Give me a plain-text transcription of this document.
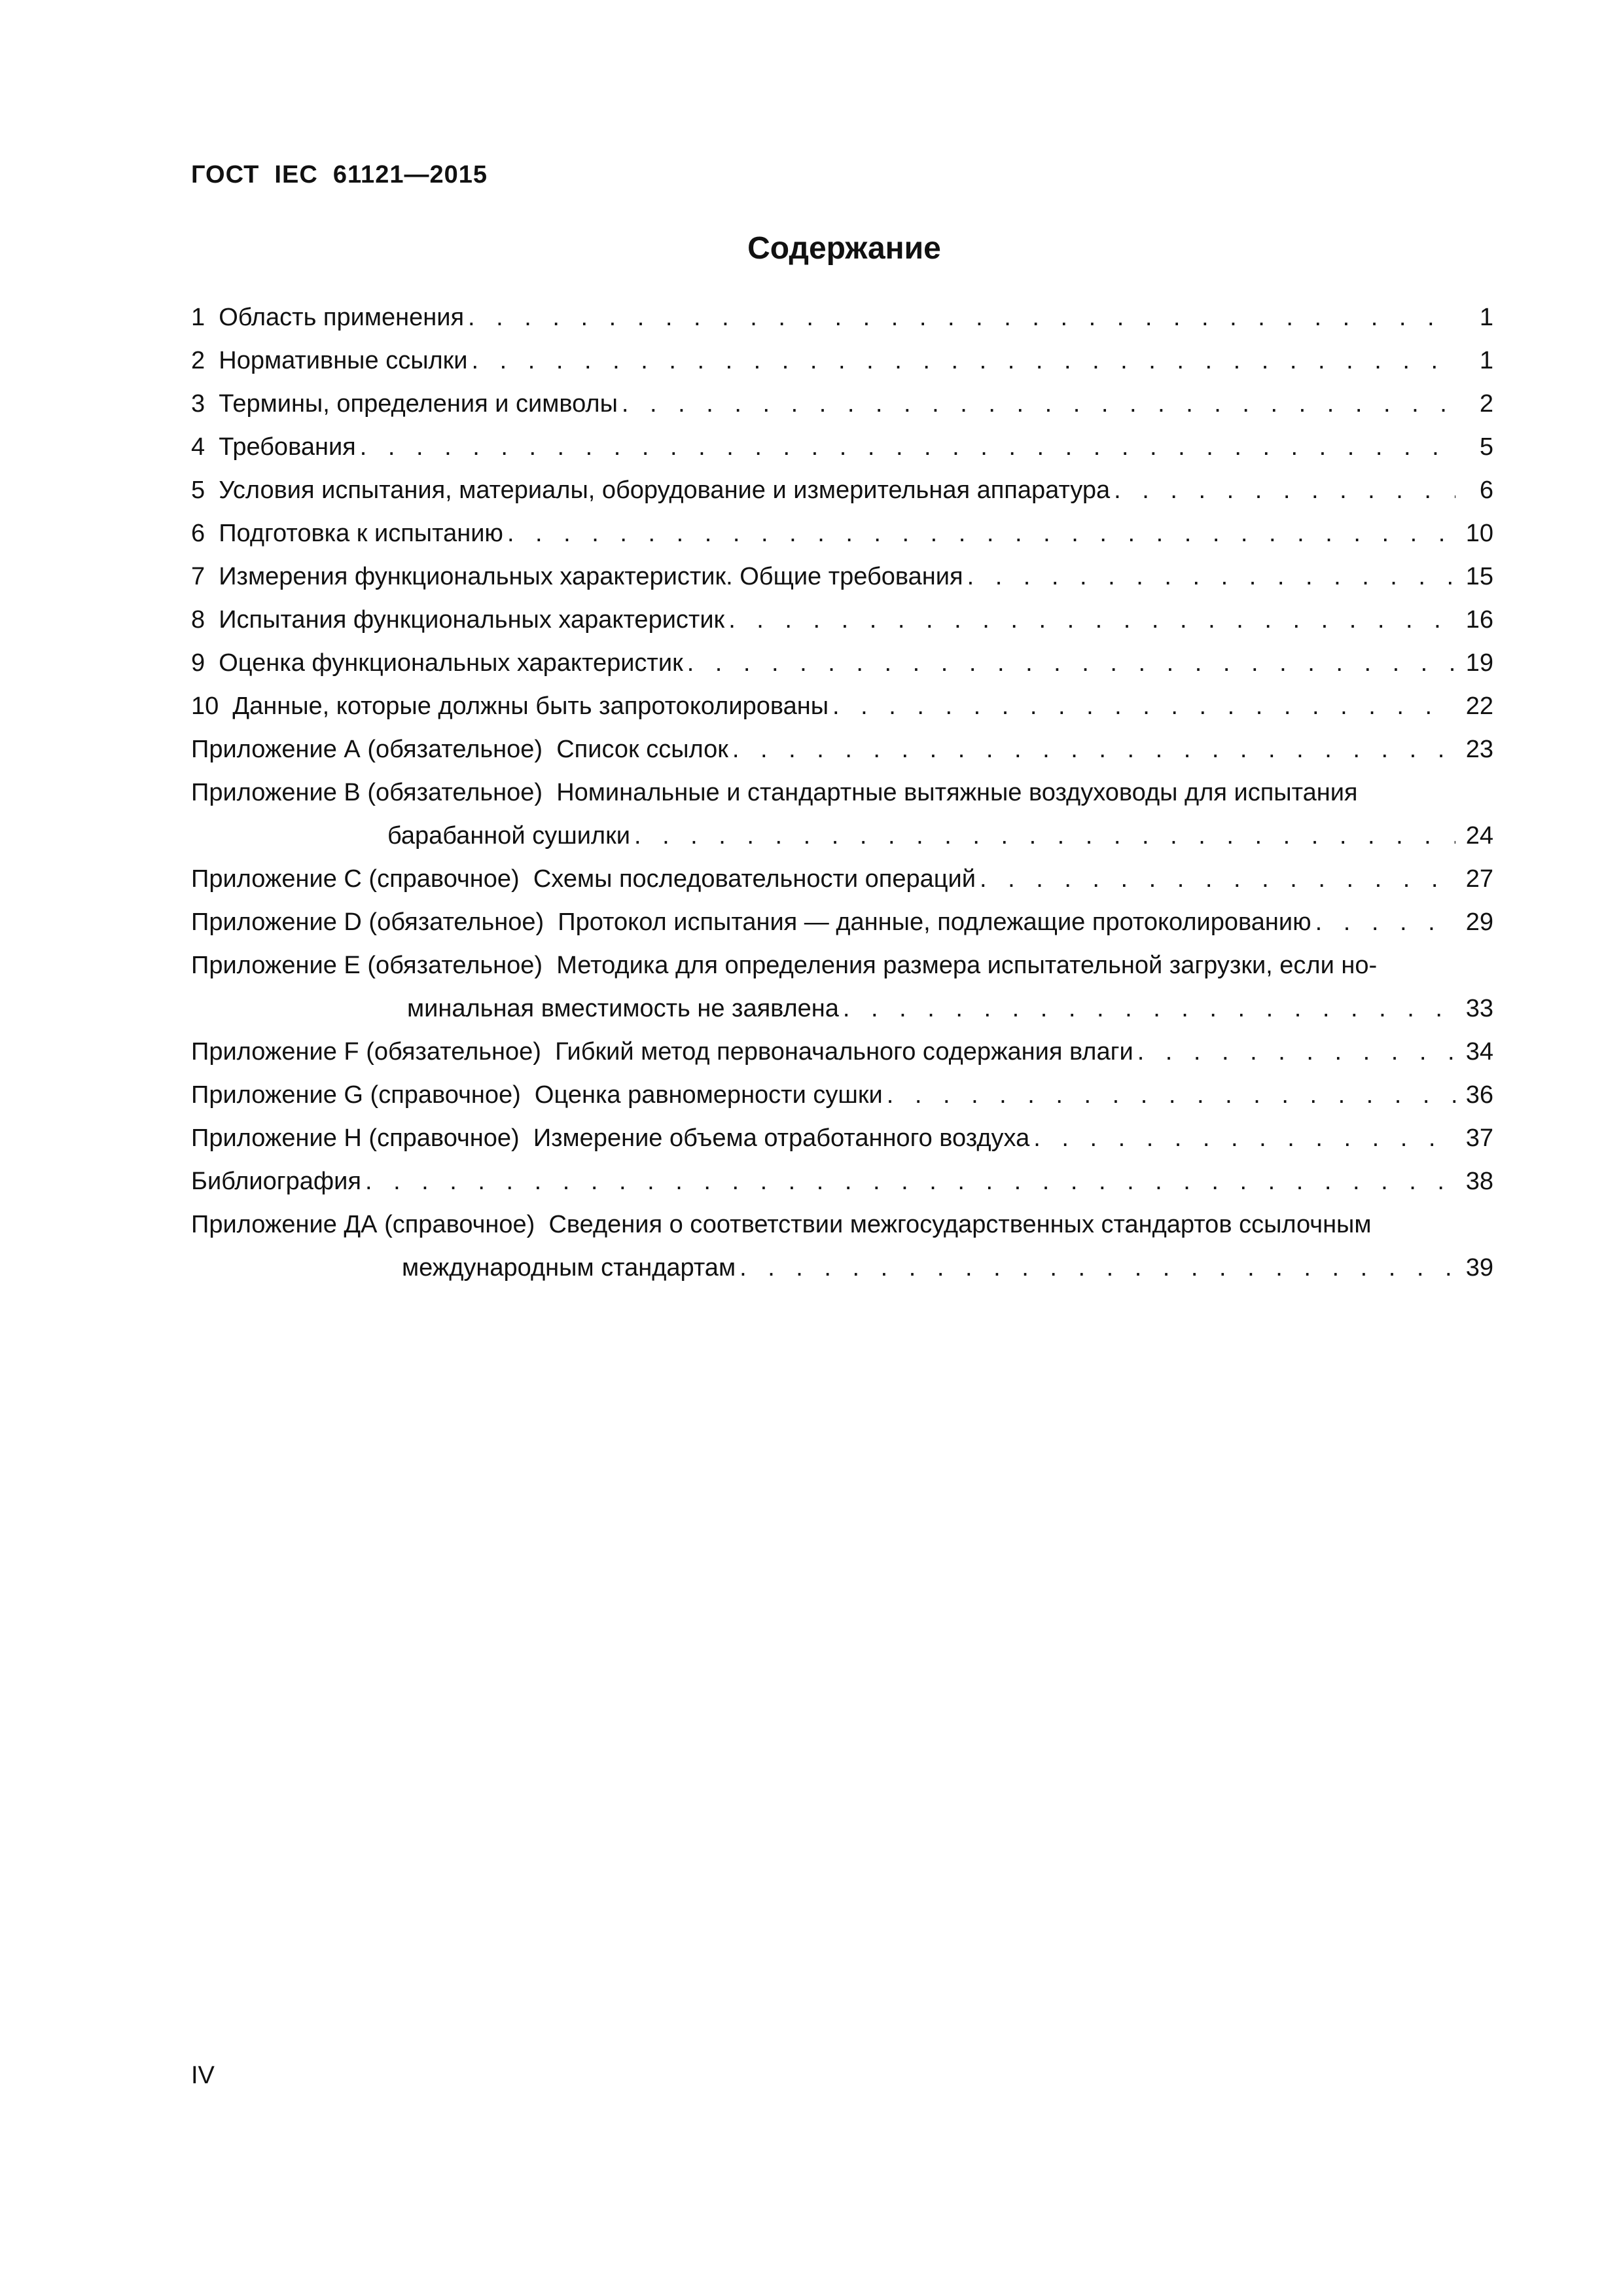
ГОСТ  IEC  61121—2015
Содержание
1  Область применения . . .	1
2  Нормативные ссылки . . .	1
3  Термины, определения и символы . . .	2
4  Требования . . .	5
5  Условия испытания, материалы, оборудование и измерительная аппаратура . . .	6
6  Подготовка к испытанию . . .	10
7  Измерения функциональных характеристик. Общие требования . . .	15
8  Испытания функциональных характеристик . . .	16
9  Оценка функциональных характеристик . . .	19
10  Данные, которые должны быть запротоколированы . . .	22
Приложение А (обязательное)  Список ссылок . . .	23
Приложение В (обязательное)  Номинальные и стандартные вытяжные воздуховоды для испытания
барабанной сушилки . . .	24
Приложение С (справочное)  Схемы последовательности операций . . .	27
Приложение D (обязательное)  Протокол испытания — данные, подлежащие протоколированию . . .	29
Приложение Е (обязательное)  Методика для определения размера испытательной загрузки, если но-
минальная вместимость не заявлена . . .	33
Приложение F (обязательное)  Гибкий метод первоначального содержания влаги . . .	34
Приложение G (справочное)  Оценка равномерности сушки . . .	36
Приложение Н (справочное)  Измерение объема отработанного воздуха . . .	37
Библиография . . .	38
Приложение ДА (справочное)  Сведения о соответствии межгосударственных стандартов ссылочным
международным стандартам . . .	39
IV
